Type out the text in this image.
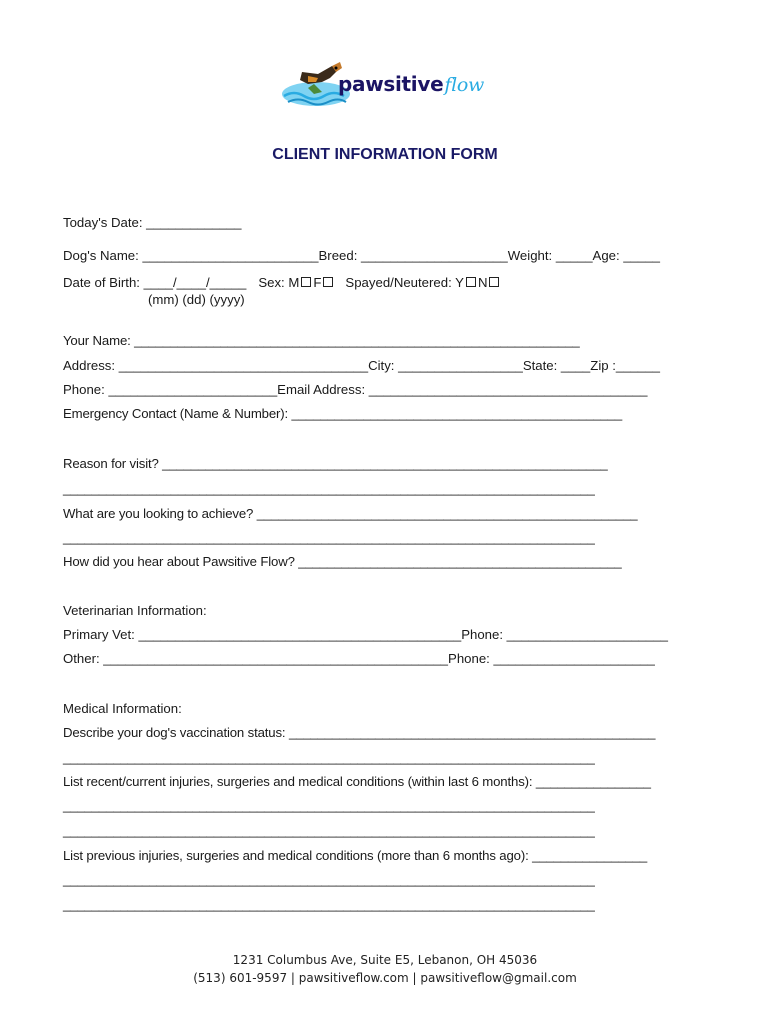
pawsitiveflow
CLIENT INFORMATION FORM
Today's Date: _____________
Dog's Name: ________________________Breed: ____________________Weight: _____Age: _____
Date of Birth: ____/____/_____ Sex: M F Spayed/Neutered: Y N
(mm) (dd) (yyyy)
Your Name: ______________________________________________________________
Address: __________________________________City: _________________State: ____Zip :______
Phone: _______________________Email Address: ______________________________________
Emergency Contact (Name & Number): ______________________________________________
Reason for visit? ______________________________________________________________
__________________________________________________________________________
What are you looking to achieve? _____________________________________________________
__________________________________________________________________________
How did you hear about Pawsitive Flow? _____________________________________________
Veterinarian Information:
Primary Vet: ____________________________________________Phone: ______________________
Other: _______________________________________________Phone: ______________________
Medical Information:
Describe your dog's vaccination status: ___________________________________________________
__________________________________________________________________________
List recent/current injuries, surgeries and medical conditions (within last 6 months): ________________
__________________________________________________________________________
__________________________________________________________________________
List previous injuries, surgeries and medical conditions (more than 6 months ago): ________________
__________________________________________________________________________
__________________________________________________________________________
1231 Columbus Ave, Suite E5, Lebanon, OH 45036
(513) 601-9597 | pawsitiveflow.com | pawsitiveflow@gmail.com
